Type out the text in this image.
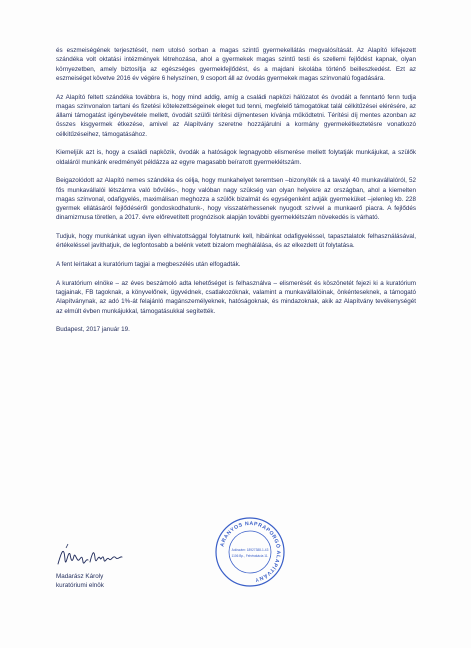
és eszmeiségének terjesztését, nem utolsó sorban a magas szintű gyermekellátás megvalósítását. Az Alapító kifejezett szándéka volt oktatási intézmények létrehozása, ahol a gyermekek magas szintű testi és szellemi fejlődést kapnak, olyan környezetben, amely biztosítja az egészséges gyermekfejlődést, és a majdani iskolába történő beilleszkedést. Ezt az eszmeiséget követve 2016 év végére 6 helyszínen, 9 csoport áll az óvodás gyermekek magas színvonalú fogadására.

Az Alapító feltett szándéka továbbra is, hogy mind addig, amíg a családi napközi hálózatot és óvodáit a fenntartó fenn tudja magas színvonalon tartani és fizetési kötelezettségeinek eleget tud tenni, megfelelő támogatókat talál célkitűzései elérésére, az állami támogatást igénybevétele mellett, óvodáit szülői térítési díjmentesen kívánja működtetni. Térítési díj mentes azonban az összes kisgyermek étkezése, amivel az Alapítvány szeretne hozzájárulni a kormány gyermekétkeztetésre vonatkozó célkitűzéseihez, támogatásához.

Kiemeljük azt is, hogy a családi napközik, óvodák a hatóságok legnagyobb elismerése mellett folytatják munkájukat, a szülők oldaláról munkánk eredményét példázza az egyre magasabb beírатott gyermeklétszám.

Beigazolódott az Alapító nemes szándéka és célja, hogy munkahelyet teremtsen –bizonyíték rá a tavalyi 40 munkavállalóról, 52 fős munkavállalói létszámra való bővülés-, hogy valóban nagy szükség van olyan helyekre az országban, ahol a kiemelten magas színvonal, odafigyelés, maximálisan meghozza a szülők bizalmát és egységenként adják gyermeküket –jelenleg kb. 228 gyermek ellátásáról fejlődéséről gondoskodhatunk-, hogy visszatérhessenek nyugodt szívvel a munkaerő piacra. A fejlődés dinamizmusa töretlen, a 2017. évre előrevetített prognózisok alapján további gyermeklétszám növekedés is várható.

Tudjuk, hogy munkánkat ugyan ilyen elhivatottsággal folytatnunk kell, hibáinkat odafigyeléssel, tapasztalatok felhasználásával, értékeléssel javíthatjuk, de legfontosabb a belénk vetett bizalom meghálálása, és az elkezdett út folytatása.

A fent leírtakat a kuratórium tagjai a megbeszélés után elfogadták.

A kuratórium elnöke – az éves beszámoló adta lehetőséget is felhasználva – elismerését és köszönetét fejezi ki a kuratórium tagjainak, FB tagoknak, a könyvelőnek, ügyvédnek, csatlakozóknak, valamint a munkavállalóinak, önkénteseknek, a támogató Alapítványnak, az adó 1%-át felajánló magánszemélyeknek, hatóságoknak, és mindazoknak, akik az Alapítvány tevékenységét az elmúlt évben munkájukkal, támogatásukkal segítették.

Budapest, 2017 január 19.

Madarász Károly
kuratóriumi elnök
ARANYOS NAPRAPORGÓ ALAPÍTVÁNY
Adószám: 18927388-1-43
1106 Bp., Fehérakácia 11.
